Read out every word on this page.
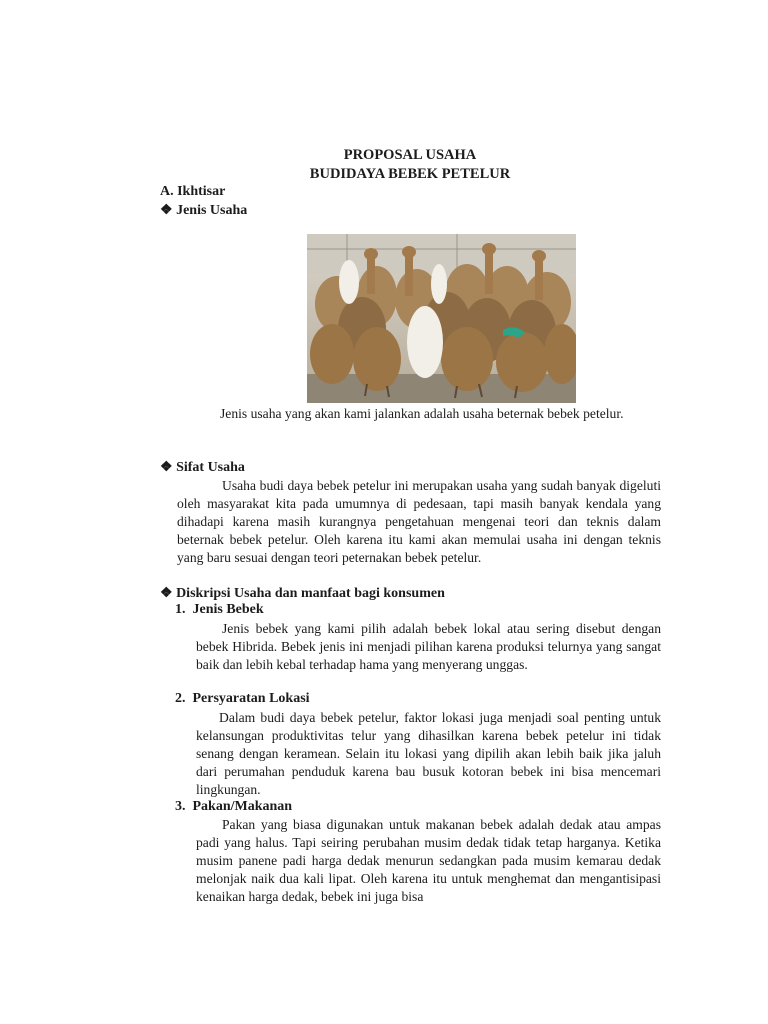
PROPOSAL USAHA
BUDIDAYA BEBEK PETELUR
A. Ikhtisar
❖ Jenis Usaha
Jenis usaha yang akan kami jalankan adalah usaha beternak bebek petelur.
❖ Sifat Usaha
Usaha budi daya bebek petelur ini merupakan usaha yang sudah banyak digeluti oleh masyarakat kita pada umumnya di pedesaan, tapi masih banyak kendala yang dihadapi karena masih kurangnya pengetahuan mengenai teori dan teknis dalam beternak bebek petelur. Oleh karena itu kami akan memulai usaha ini dengan teknis yang baru sesuai dengan teori peternakan bebek petelur.
❖ Diskripsi Usaha dan manfaat bagi konsumen
1. Jenis Bebek
Jenis bebek yang kami pilih adalah bebek lokal atau sering disebut dengan bebek Hibrida. Bebek jenis ini menjadi pilihan karena produksi telurnya yang sangat baik dan lebih kebal terhadap hama yang menyerang unggas.
2. Persyaratan Lokasi
Dalam budi daya bebek petelur, faktor lokasi juga menjadi soal penting untuk kelansungan produktivitas telur yang dihasilkan karena bebek petelur ini tidak senang dengan keramean. Selain itu lokasi yang dipilih akan lebih baik jika jaluh dari perumahan penduduk karena bau busuk kotoran bebek ini bisa mencemari lingkungan.
3. Pakan/Makanan
Pakan yang biasa digunakan untuk makanan bebek adalah dedak atau ampas padi yang halus. Tapi seiring perubahan musim dedak tidak tetap harganya. Ketika musim panene padi harga dedak menurun sedangkan pada musim kemarau dedak melonjak naik dua kali lipat. Oleh karena itu untuk menghemat dan mengantisipasi kenaikan harga dedak, bebek ini juga bisa
